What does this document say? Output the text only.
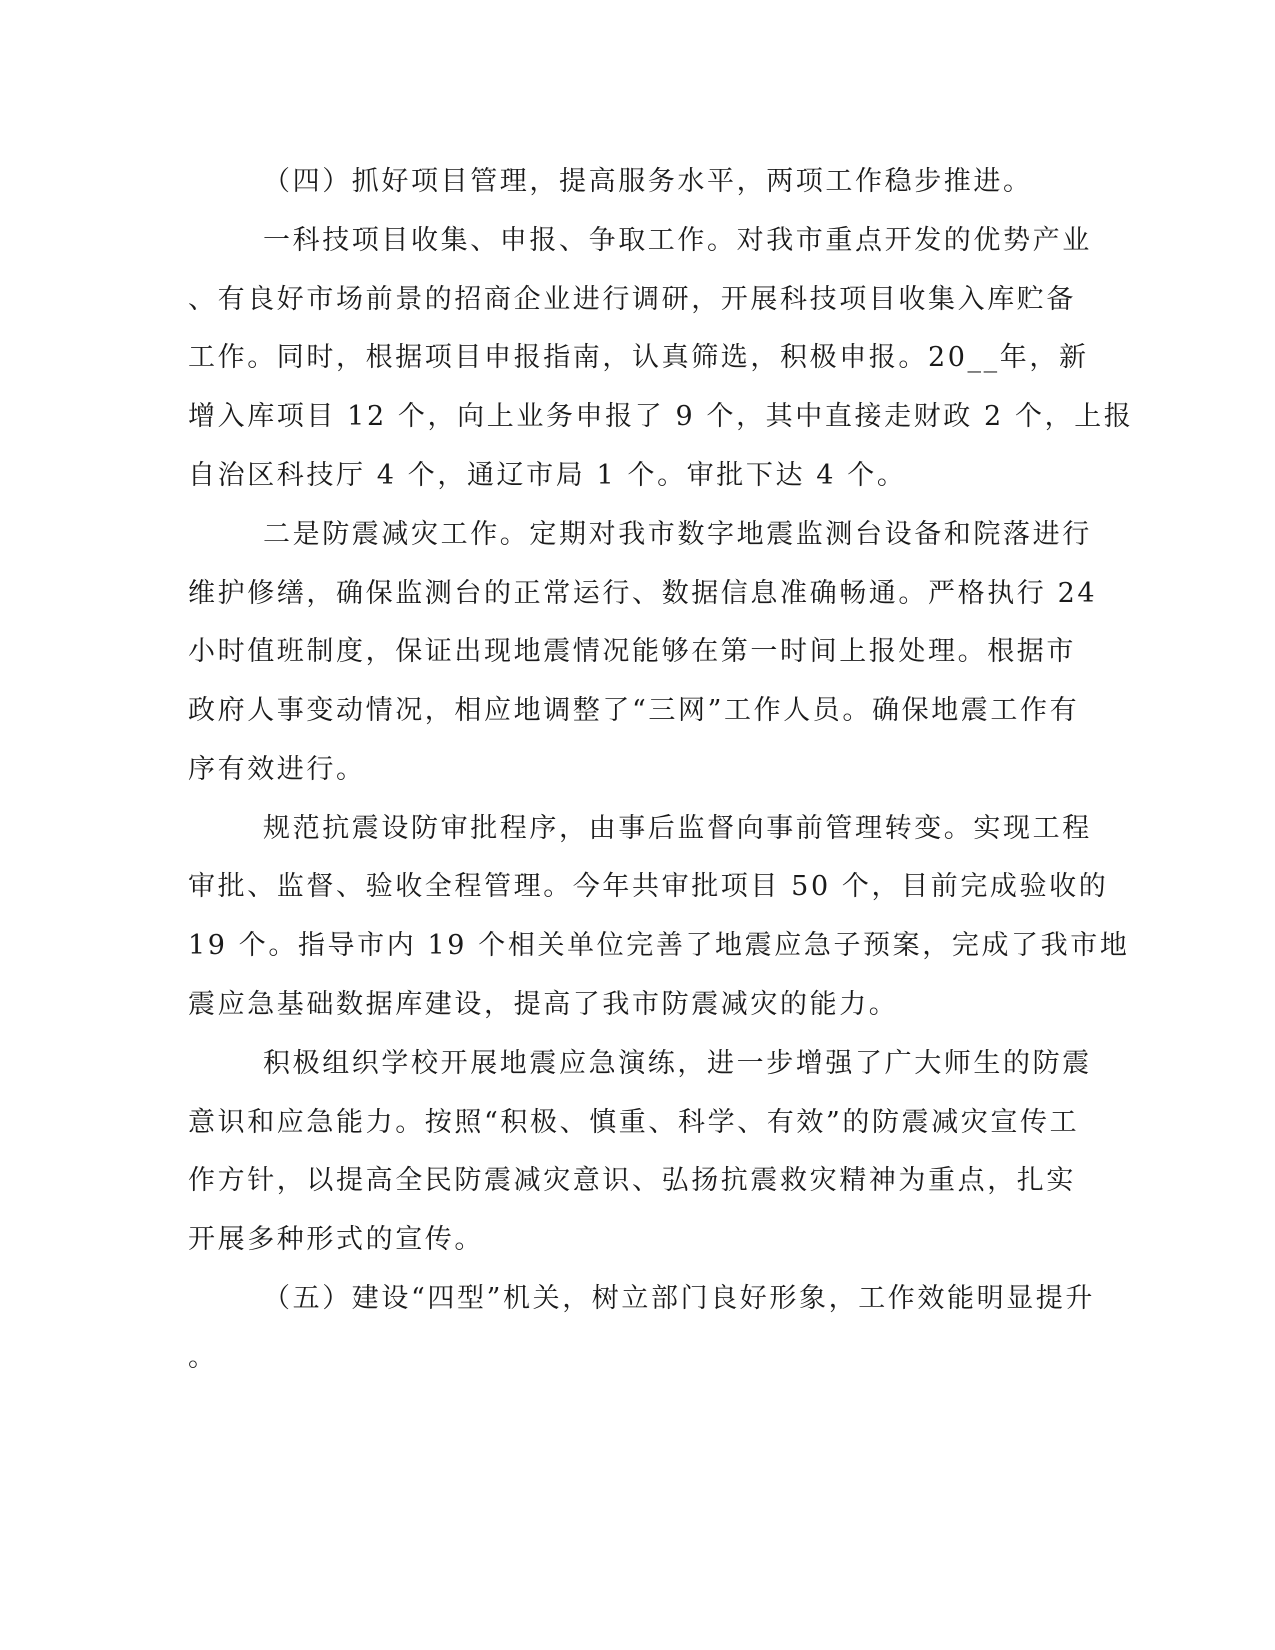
（四）抓好项目管理，提高服务水平，两项工作稳步推进。
一科技项目收集、申报、争取工作。对我市重点开发的优势产业
、有良好市场前景的招商企业进行调研，开展科技项目收集入库贮备
工作。同时，根据项目申报指南，认真筛选，积极申报。20__年，新
增入库项目 12 个，向上业务申报了 9 个，其中直接走财政 2 个，上报
自治区科技厅 4 个，通辽市局 1 个。审批下达 4 个。
二是防震减灾工作。定期对我市数字地震监测台设备和院落进行
维护修缮，确保监测台的正常运行、数据信息准确畅通。严格执行 24
小时值班制度，保证出现地震情况能够在第一时间上报处理。根据市
政府人事变动情况，相应地调整了“三网”工作人员。确保地震工作有
序有效进行。
规范抗震设防审批程序，由事后监督向事前管理转变。实现工程
审批、监督、验收全程管理。今年共审批项目 50 个，目前完成验收的
19 个。指导市内 19 个相关单位完善了地震应急子预案，完成了我市地
震应急基础数据库建设，提高了我市防震减灾的能力。
积极组织学校开展地震应急演练，进一步增强了广大师生的防震
意识和应急能力。按照“积极、慎重、科学、有效”的防震减灾宣传工
作方针，以提高全民防震减灾意识、弘扬抗震救灾精神为重点，扎实
开展多种形式的宣传。
（五）建设“四型”机关，树立部门良好形象，工作效能明显提升
。
